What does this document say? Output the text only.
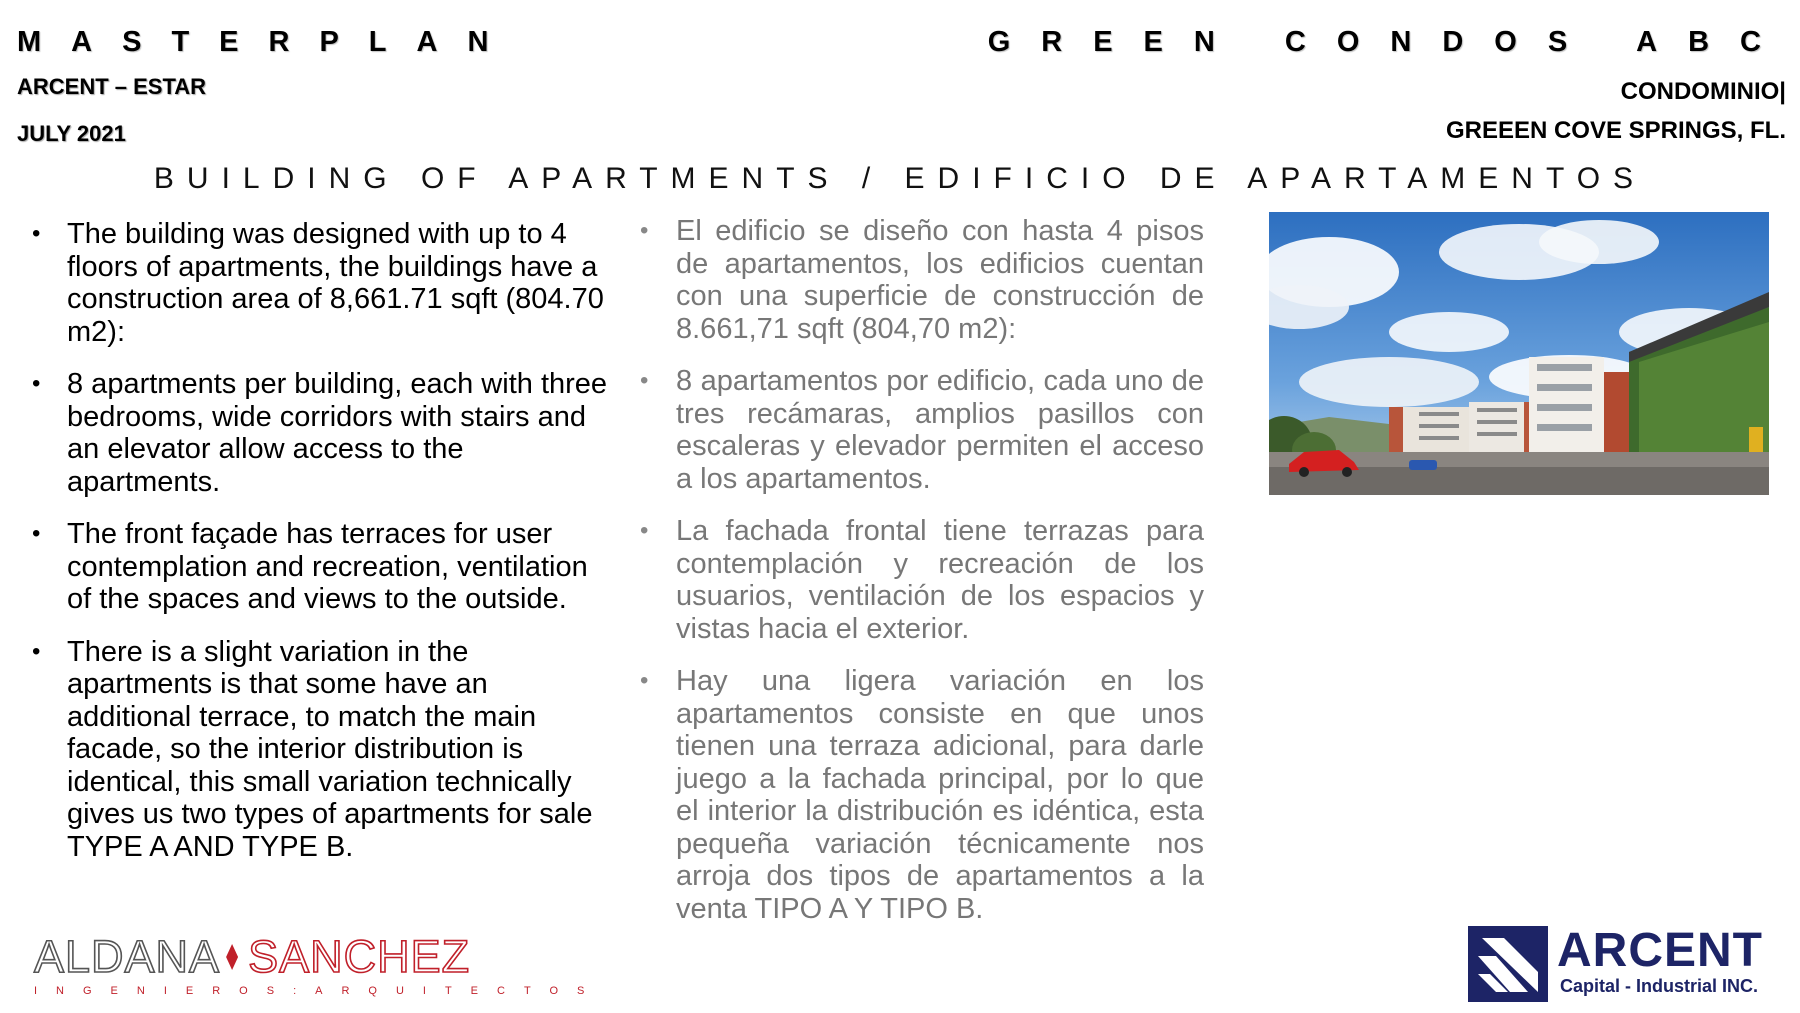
MASTERPLAN
ARCENT – ESTAR
JULY 2021
GREEN CONDOS ABC
CONDOMINIO|
GREEEN COVE SPRINGS, FL.
BUILDING OF APARTMENTS / EDIFICIO DE APARTAMENTOS
• The building was designed with up to 4 floors of apartments, the buildings have a construction area of 8,661.71 sqft (804.70 m2):
• 8 apartments per building, each with three bedrooms, wide corridors with stairs and an elevator allow access to the apartments.
• The front façade has terraces for user contemplation and recreation, ventilation of the spaces and views to the outside.
• There is a slight variation in the apartments is that some have an additional terrace, to match the main facade, so the interior distribution is identical, this small variation technically gives us two types of apartments for sale TYPE A AND TYPE B.
• El edificio se diseño con hasta 4 pisos de apartamentos, los edificios cuentan con una superficie de construcción de 8.661,71 sqft (804,70 m2):
• 8 apartamentos por edificio, cada uno de tres recámaras, amplios pasillos con escaleras y elevador permiten el acceso a los apartamentos.
• La fachada frontal tiene terrazas para contemplación y recreación de los usuarios, ventilación de los espacios y vistas hacia el exterior.
• Hay una ligera variación en los apartamentos consiste en que unos tienen una terraza adicional, para darle juego a la fachada principal, por lo que el interior la distribución es idéntica, esta pequeña variación técnicamente nos arroja dos tipos de apartamentos a la venta TIPO A Y TIPO B.
ALDANA SANCHEZ
INGENIEROS:ARQUITECTOS
ARCENT
Capital - Industrial INC.
